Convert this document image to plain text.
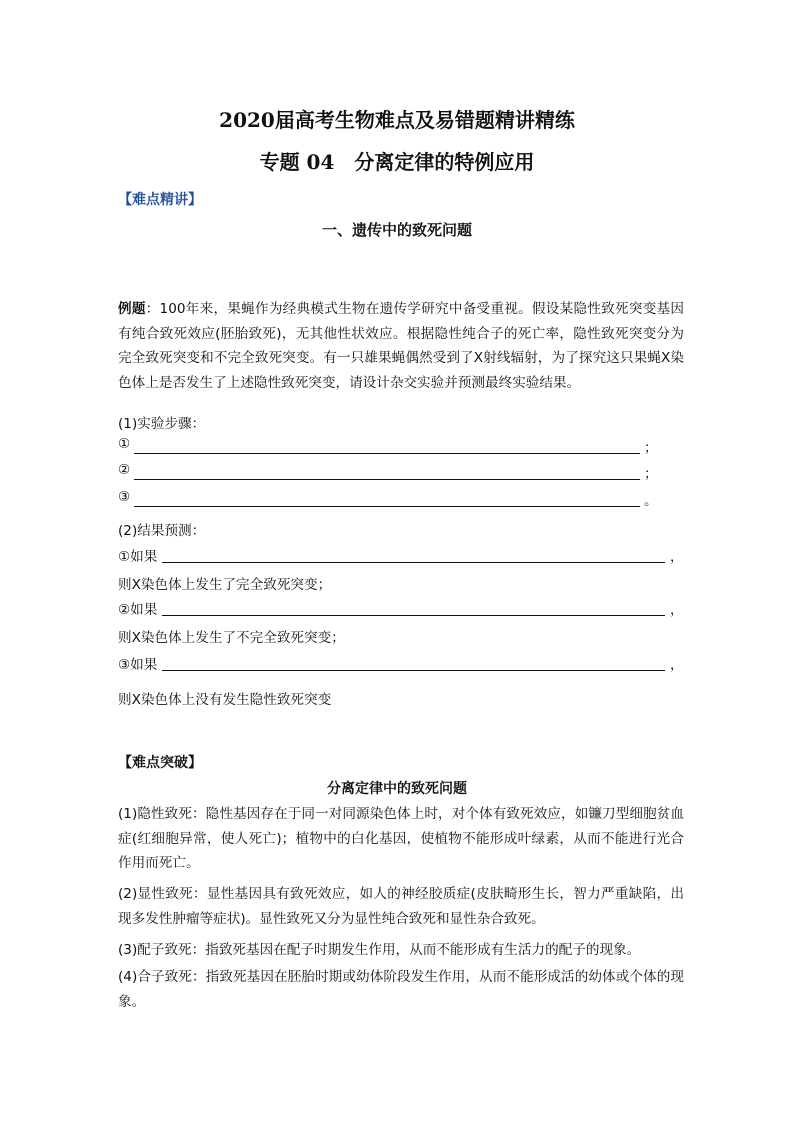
2020届高考生物难点及易错题精讲精练
专题 04　分离定律的特例应用
【难点精讲】
一、遗传中的致死问题
例题：100年来，果蝇作为经典模式生物在遗传学研究中备受重视。假设某隐性致死突变基因有纯合致死效应(胚胎致死)，无其他性状效应。根据隐性纯合子的死亡率，隐性致死突变分为完全致死突变和不完全致死突变。有一只雄果蝇偶然受到了X射线辐射，为了探究这只果蝇X染色体上是否发生了上述隐性致死突变，请设计杂交实验并预测最终实验结果。
(1)实验步骤：
①	；
②	；
③	。
(2)结果预测：
①如果	，
则X染色体上发生了完全致死突变；
②如果	，
则X染色体上发生了不完全致死突变；
③如果	，
则X染色体上没有发生隐性致死突变
【难点突破】
分离定律中的致死问题
(1)隐性致死：隐性基因存在于同一对同源染色体上时，对个体有致死效应，如镰刀型细胞贫血症(红细胞异常，使人死亡)；植物中的白化基因，使植物不能形成叶绿素，从而不能进行光合作用而死亡。
(2)显性致死：显性基因具有致死效应，如人的神经胶质症(皮肤畸形生长，智力严重缺陷，出现多发性肿瘤等症状)。显性致死又分为显性纯合致死和显性杂合致死。
(3)配子致死：指致死基因在配子时期发生作用，从而不能形成有生活力的配子的现象。
(4)合子致死：指致死基因在胚胎时期或幼体阶段发生作用，从而不能形成活的幼体或个体的现象。
